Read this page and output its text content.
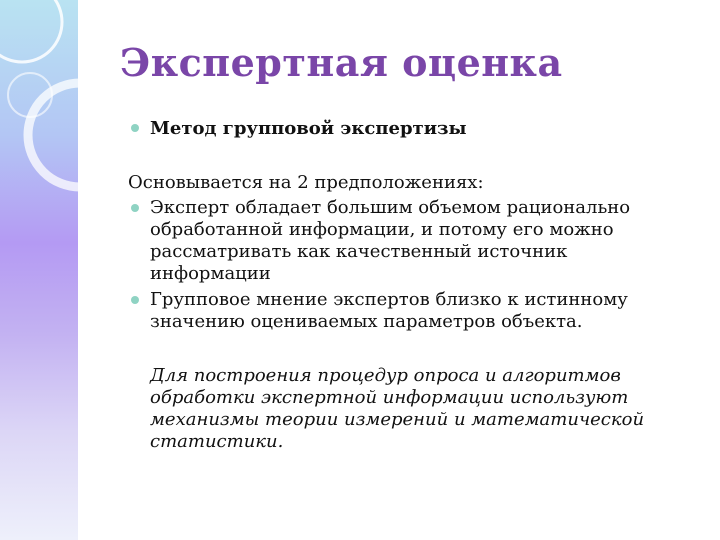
Экспертная оценка
Метод групповой экспертизы
Основывается на 2 предположениях:
Эксперт обладает большим объемом рационально
обработанной информации, и потому его можно
рассматривать как качественный источник
информации
Групповое мнение экспертов близко к истинному
значению оцениваемых параметров объекта.
Для построения процедур опроса и алгоритмов
обработки экспертной информации используют
механизмы теории измерений и математической
статистики.
